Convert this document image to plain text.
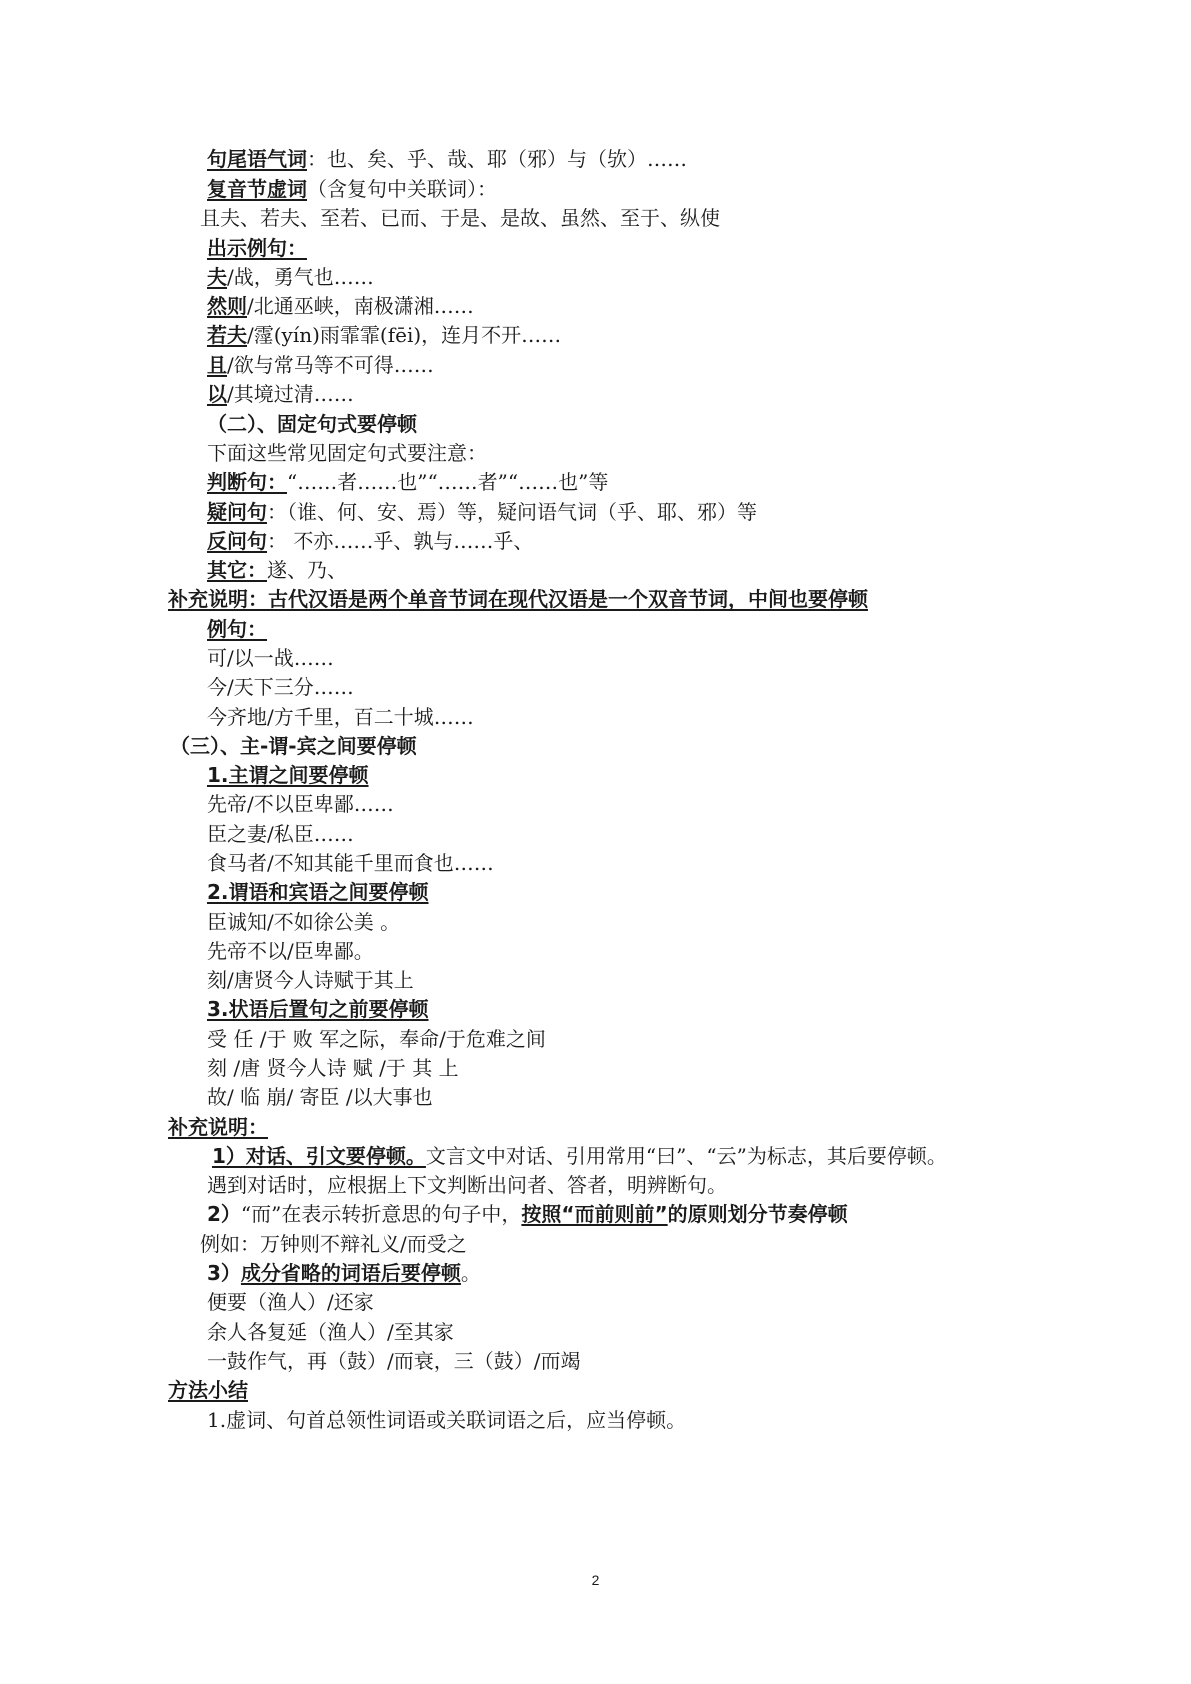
句尾语气词：也、矣、乎、哉、耶（邪）与（欤）……
复音节虚词（含复句中关联词）：
且夫、若夫、至若、已而、于是、是故、虽然、至于、纵使
出示例句：
夫/战，勇气也……
然则/北通巫峡，南极潇湘……
若夫/霪(yín)雨霏霏(fēi)，连月不开……
且/欲与常马等不可得……
以/其境过清……
（二）、固定句式要停顿
下面这些常见固定句式要注意：
判断句：“……者……也”“……者”“……也”等
疑问句：（谁、何、安、焉）等，疑问语气词（乎、耶、邪）等
反问句： 不亦……乎、孰与……乎、
其它：遂、乃、
补充说明：古代汉语是两个单音节词在现代汉语是一个双音节词，中间也要停顿
例句：
可/以一战……
今/天下三分……
今齐地/方千里，百二十城……
（三）、主-谓-宾之间要停顿
1.主谓之间要停顿
先帝/不以臣卑鄙……
臣之妻/私臣……
食马者/不知其能千里而食也……
2.谓语和宾语之间要停顿
臣诚知/不如徐公美 。
先帝不以/臣卑鄙。
刻/唐贤今人诗赋于其上
3.状语后置句之前要停顿
受 任 /于 败 军之际，奉命/于危难之间
刻 /唐 贤今人诗 赋 /于 其 上
故/ 临 崩/ 寄臣 /以大事也
补充说明：
1）对话、引文要停顿。文言文中对话、引用常用“曰”、“云”为标志，其后要停顿。
遇到对话时，应根据上下文判断出问者、答者，明辨断句。
2）“而”在表示转折意思的句子中，按照“而前则前”的原则划分节奏停顿
例如：万钟则不辩礼义/而受之
3）成分省略的词语后要停顿。
便要（渔人）/还家
余人各复延（渔人）/至其家
一鼓作气，再（鼓）/而衰，三（鼓）/而竭
方法小结
1.虚词、句首总领性词语或关联词语之后，应当停顿。
2
